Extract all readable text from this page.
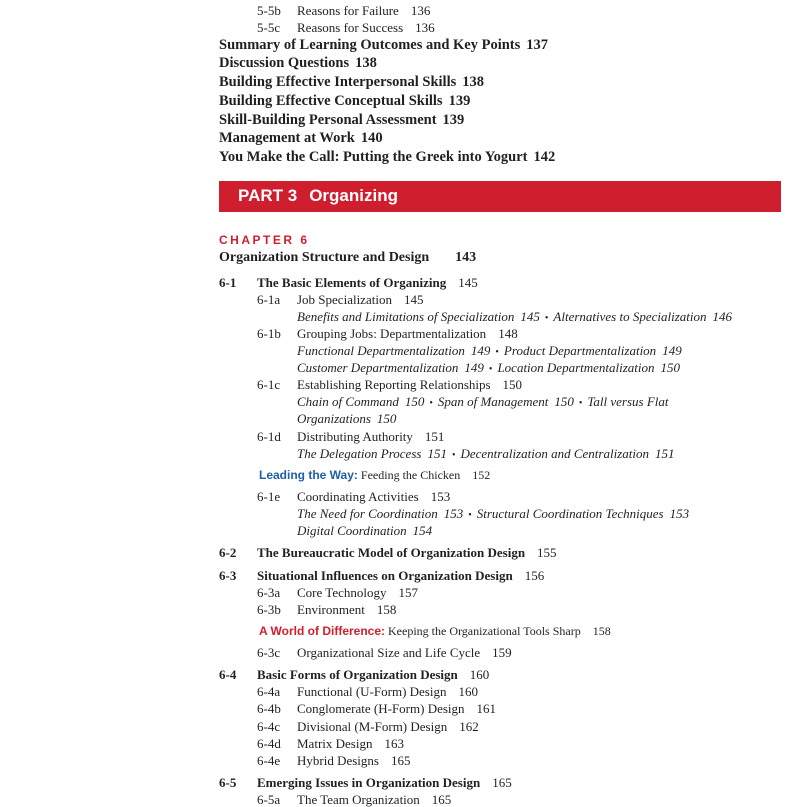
5-5b Reasons for Failure 136
5-5c Reasons for Success 136
Summary of Learning Outcomes and Key Points 137
Discussion Questions 138
Building Effective Interpersonal Skills 138
Building Effective Conceptual Skills 139
Skill-Building Personal Assessment 139
Management at Work 140
You Make the Call: Putting the Greek into Yogurt 142
PART 3 Organizing
CHAPTER 6
Organization Structure and Design 143
6-1 The Basic Elements of Organizing 145
6-1a Job Specialization 145
Benefits and Limitations of Specialization 145 • Alternatives to Specialization 146
6-1b Grouping Jobs: Departmentalization 148
Functional Departmentalization 149 • Product Departmentalization 149
Customer Departmentalization 149 • Location Departmentalization 150
6-1c Establishing Reporting Relationships 150
Chain of Command 150 • Span of Management 150 • Tall versus Flat
Organizations 150
6-1d Distributing Authority 151
The Delegation Process 151 • Decentralization and Centralization 151
Leading the Way: Feeding the Chicken 152
6-1e Coordinating Activities 153
The Need for Coordination 153 • Structural Coordination Techniques 153
Digital Coordination 154
6-2 The Bureaucratic Model of Organization Design 155
6-3 Situational Influences on Organization Design 156
6-3a Core Technology 157
6-3b Environment 158
A World of Difference: Keeping the Organizational Tools Sharp 158
6-3c Organizational Size and Life Cycle 159
6-4 Basic Forms of Organization Design 160
6-4a Functional (U-Form) Design 160
6-4b Conglomerate (H-Form) Design 161
6-4c Divisional (M-Form) Design 162
6-4d Matrix Design 163
6-4e Hybrid Designs 165
6-5 Emerging Issues in Organization Design 165
6-5a The Team Organization 165
